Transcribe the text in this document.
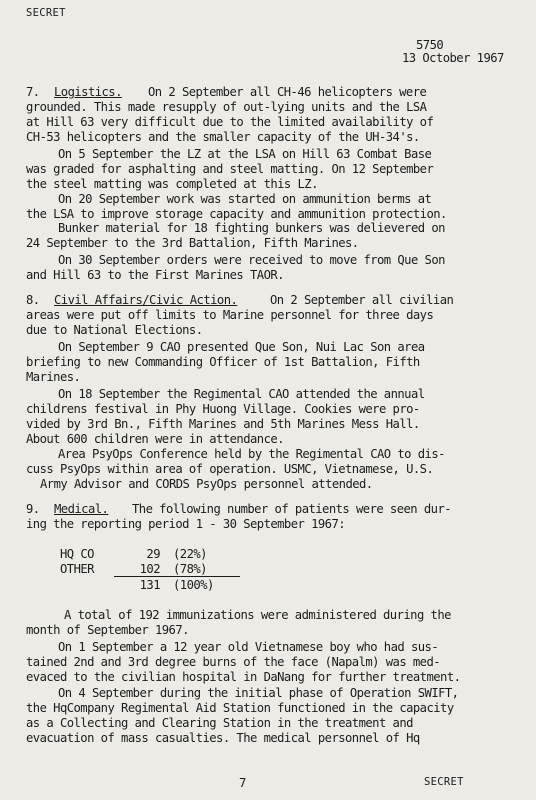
SECRET
5750
13 October 1967
7. Logistics. On 2 September all CH-46 helicopters were
grounded. This made resupply of out-lying units and the LSA
at Hill 63 very difficult due to the limited availability of
CH-53 helicopters and the smaller capacity of the UH-34's.
On 5 September the LZ at the LSA on Hill 63 Combat Base
was graded for asphalting and steel matting. On 12 September
the steel matting was completed at this LZ.
On 20 September work was started on ammunition berms at
the LSA to improve storage capacity and ammunition protection.
Bunker material for 18 fighting bunkers was delievered on
24 September to the 3rd Battalion, Fifth Marines.
On 30 September orders were received to move from Que Son
and Hill 63 to the First Marines TAOR.
8. Civil Affairs/Civic Action.	On 2 September all civilian
areas were put off limits to Marine personnel for three days
due to National Elections.
On September 9 CAO presented Que Son, Nui Lac Son area
briefing to new Commanding Officer of 1st Battalion, Fifth
Marines.
On 18 September the Regimental CAO attended the annual
childrens festival in Phy Huong Village. Cookies were pro-
vided by 3rd Bn., Fifth Marines and 5th Marines Mess Hall.
About 600 children were in attendance.
Area PsyOps Conference held by the Regimental CAO to dis-
cuss PsyOps within area of operation. USMC, Vietnamese, U.S.
Army Advisor and CORDS PsyOps personnel attended.
9. Medical. The following number of patients were seen dur-
ing the reporting period 1 - 30 September 1967:
HQ CO	29 (22%)
OTHER	102 (78%)
131 (100%)
A total of 192 immunizations were administered during the
month of September 1967.
On 1 September a 12 year old Vietnamese boy who had sus-
tained 2nd and 3rd degree burns of the face (Napalm) was med-
evaced to the civilian hospital in DaNang for further treatment.
On 4 September during the initial phase of Operation SWIFT,
the HqCompany Regimental Aid Station functioned in the capacity
as a Collecting and Clearing Station in the treatment and
evacuation of mass casualties. The medical personnel of Hq
7	SECRET
